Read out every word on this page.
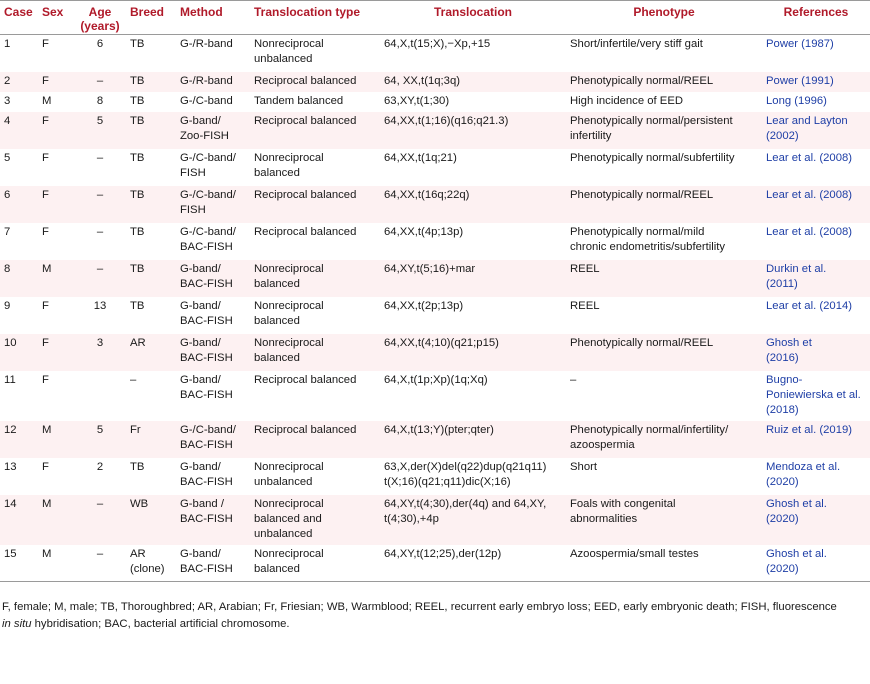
Case	Sex	Age (years)	Breed	Method	Translocation type	Translocation	Phenotype	References
1	F	6	TB	G-/R-band	Nonreciprocal
unbalanced	64,X,t(15;X),−Xp,+15	Short/infertile/very stiff gait	Power (1987)
2	F	–	TB	G-/R-band	Reciprocal balanced	64, XX,t(1q;3q)	Phenotypically normal/REEL	Power (1991)
3	M	8	TB	G-/C-band	Tandem balanced	63,XY,t(1;30)	High incidence of EED	Long (1996)
4	F	5	TB	G-band/
Zoo-FISH	Reciprocal balanced	64,XX,t(1;16)(q16;q21.3)	Phenotypically normal/persistent
infertility	Lear and Layton
(2002)
5	F	–	TB	G-/C-band/
FISH	Nonreciprocal
balanced	64,XX,t(1q;21)	Phenotypically normal/subfertility	Lear et al. (2008)
6	F	–	TB	G-/C-band/
FISH	Reciprocal balanced	64,XX,t(16q;22q)	Phenotypically normal/REEL	Lear et al. (2008)
7	F	–	TB	G-/C-band/
BAC-FISH	Reciprocal balanced	64,XX,t(4p;13p)	Phenotypically normal/mild
chronic endometritis/subfertility	Lear et al. (2008)
8	M	–	TB	G-band/
BAC-FISH	Nonreciprocal
balanced	64,XY,t(5;16)+mar	REEL	Durkin et al.
(2011)
9	F	13	TB	G-band/
BAC-FISH	Nonreciprocal
balanced	64,XX,t(2p;13p)	REEL	Lear et al. (2014)
10	F	3	AR	G-band/
BAC-FISH	Nonreciprocal
balanced	64,XX,t(4;10)(q21;p15)	Phenotypically normal/REEL	Ghosh et
(2016)
11	F		–	G-band/
BAC-FISH	Reciprocal balanced	64,X,t(1p;Xp)(1q;Xq)	–	Bugno-
Poniewierska et al.
(2018)
12	M	5	Fr	G-/C-band/
BAC-FISH	Reciprocal balanced	64,X,t(13;Y)(pter;qter)	Phenotypically normal/infertility/
azoospermia	Ruiz et al. (2019)
13	F	2	TB	G-band/
BAC-FISH	Nonreciprocal
unbalanced	63,X,der(X)del(q22)dup(q21q11)
t(X;16)(q21;q11)dic(X;16)	Short	Mendoza et al.
(2020)
14	M	–	WB	G-band /
BAC-FISH	Nonreciprocal
balanced and
unbalanced	64,XY,t(4;30),der(4q) and 64,XY,
t(4;30),+4p	Foals with congenital
abnormalities	Ghosh et al.
(2020)
15	M	–	AR
(clone)	G-band/
BAC-FISH	Nonreciprocal
balanced	64,XY,t(12;25),der(12p)	Azoospermia/small testes	Ghosh et al.
(2020)
F, female; M, male; TB, Thoroughbred; AR, Arabian; Fr, Friesian; WB, Warmblood; REEL, recurrent early embryo loss; EED, early embryonic death; FISH, fluorescence
in situ hybridisation; BAC, bacterial artificial chromosome.
